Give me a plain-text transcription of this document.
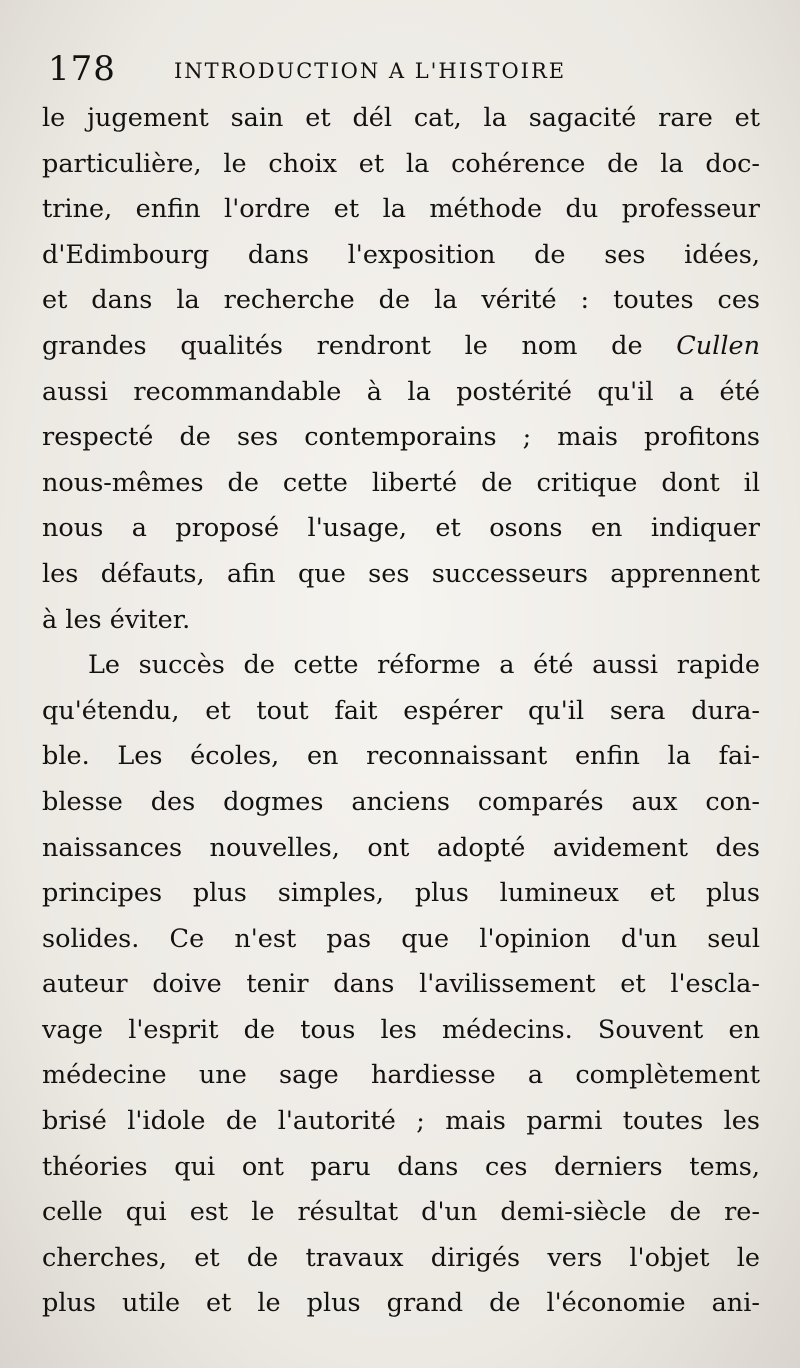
178	INTRODUCTION A L'HISTOIRE
le jugement sain et dél cat, la sagacité rare et
particulière, le choix et la cohérence de la doc-
trine, enfin l'ordre et la méthode du professeur
d'Edimbourg dans l'exposition de ses idées,
et dans la recherche de la vérité : toutes ces
grandes qualités rendront le nom de Cullen
aussi recommandable à la postérité qu'il a été
respecté de ses contemporains ; mais profitons
nous-mêmes de cette liberté de critique dont il
nous a proposé l'usage, et osons en indiquer
les défauts, afin que ses successeurs apprennent
à les éviter.
Le succès de cette réforme a été aussi rapide
qu'étendu, et tout fait espérer qu'il sera dura-
ble. Les écoles, en reconnaissant enfin la fai-
blesse des dogmes anciens comparés aux con-
naissances nouvelles, ont adopté avidement des
principes plus simples, plus lumineux et plus
solides. Ce n'est pas que l'opinion d'un seul
auteur doive tenir dans l'avilissement et l'escla-
vage l'esprit de tous les médecins. Souvent en
médecine une sage hardiesse a complètement
brisé l'idole de l'autorité ; mais parmi toutes les
théories qui ont paru dans ces derniers tems,
celle qui est le résultat d'un demi-siècle de re-
cherches, et de travaux dirigés vers l'objet le
plus utile et le plus grand de l'économie ani-
